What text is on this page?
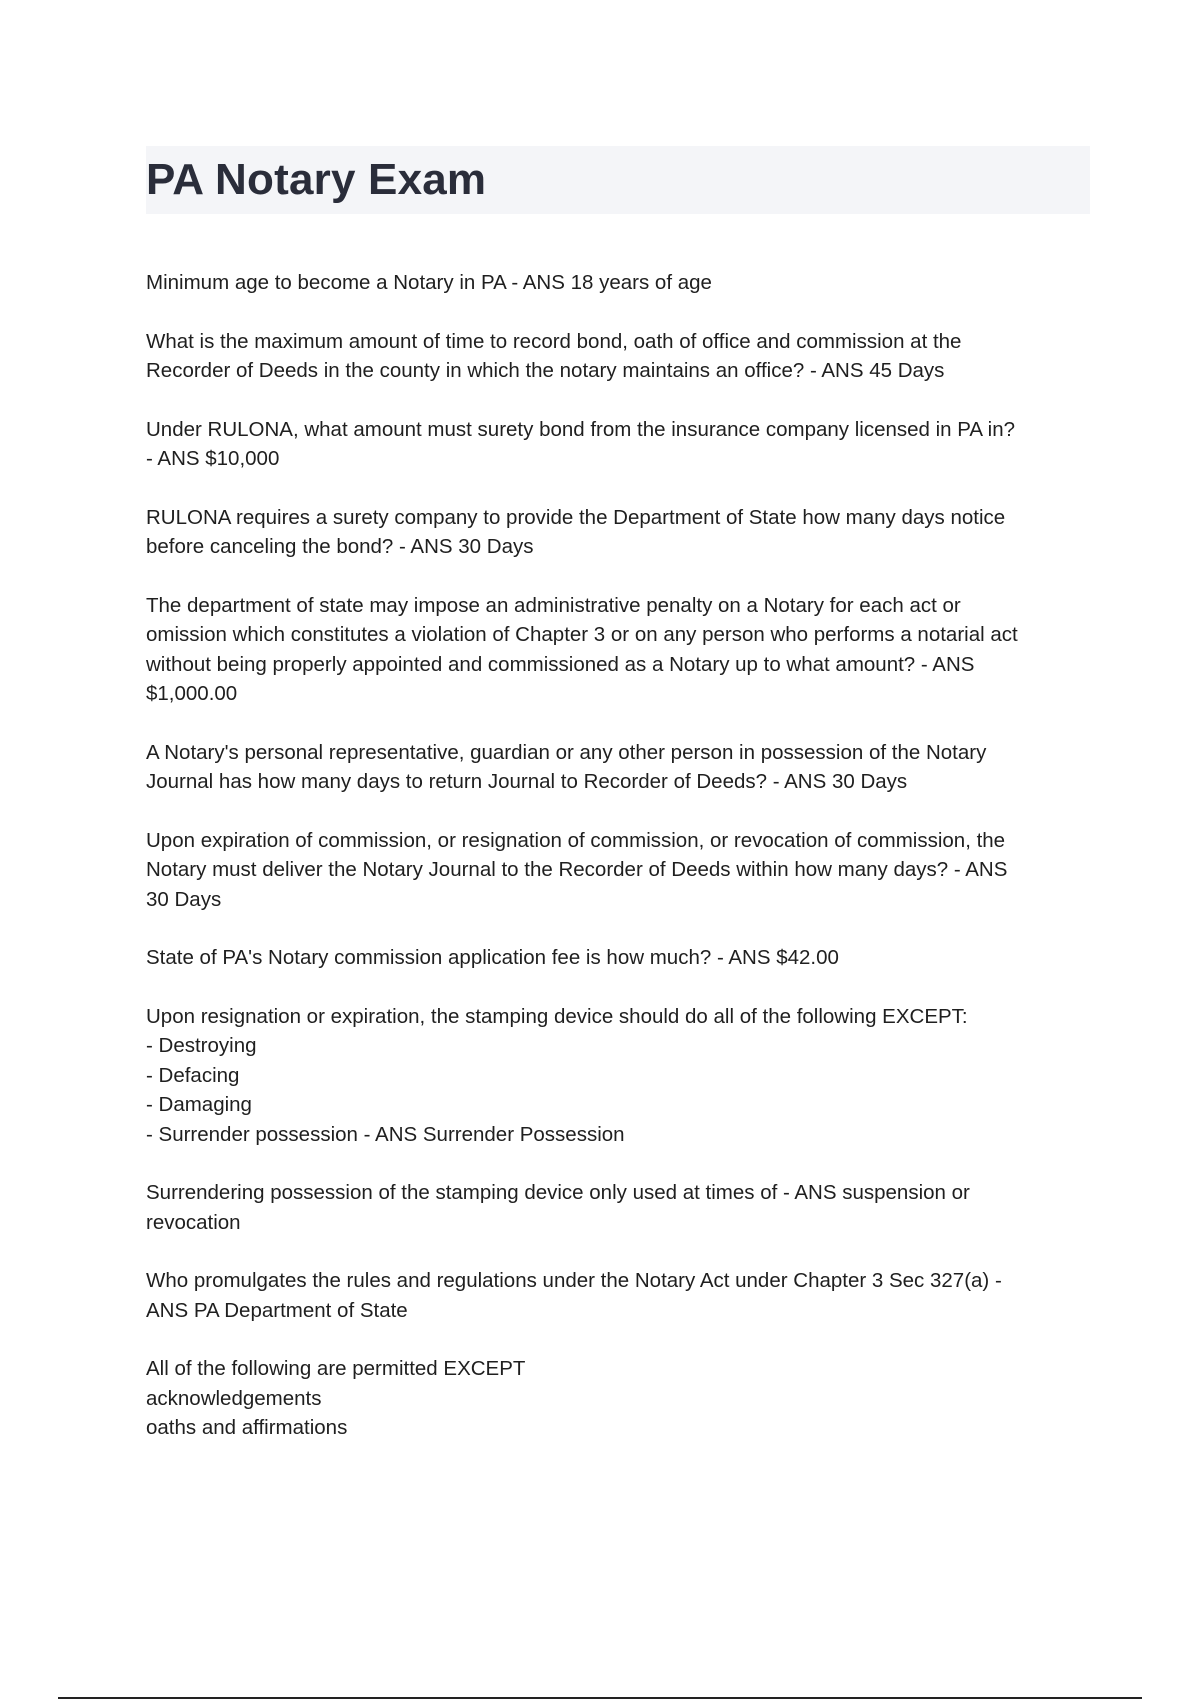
PA Notary Exam

Minimum age to become a Notary in PA - ANS 18 years of age

What is the maximum amount of time to record bond, oath of office and commission at the
Recorder of Deeds in the county in which the notary maintains an office? - ANS 45 Days

Under RULONA, what amount must surety bond from the insurance company licensed in PA in?
- ANS $10,000

RULONA requires a surety company to provide the Department of State how many days notice
before canceling the bond? - ANS 30 Days

The department of state may impose an administrative penalty on a Notary for each act or
omission which constitutes a violation of Chapter 3 or on any person who performs a notarial act
without being properly appointed and commissioned as a Notary up to what amount? - ANS
$1,000.00

A Notary's personal representative, guardian or any other person in possession of the Notary
Journal has how many days to return Journal to Recorder of Deeds? - ANS 30 Days

Upon expiration of commission, or resignation of commission, or revocation of commission, the
Notary must deliver the Notary Journal to the Recorder of Deeds within how many days? - ANS
30 Days

State of PA's Notary commission application fee is how much? - ANS $42.00

Upon resignation or expiration, the stamping device should do all of the following EXCEPT:
- Destroying
- Defacing
- Damaging
- Surrender possession - ANS Surrender Possession

Surrendering possession of the stamping device only used at times of - ANS suspension or
revocation

Who promulgates the rules and regulations under the Notary Act under Chapter 3 Sec 327(a) -
ANS PA Department of State

All of the following are permitted EXCEPT
acknowledgements
oaths and affirmations
